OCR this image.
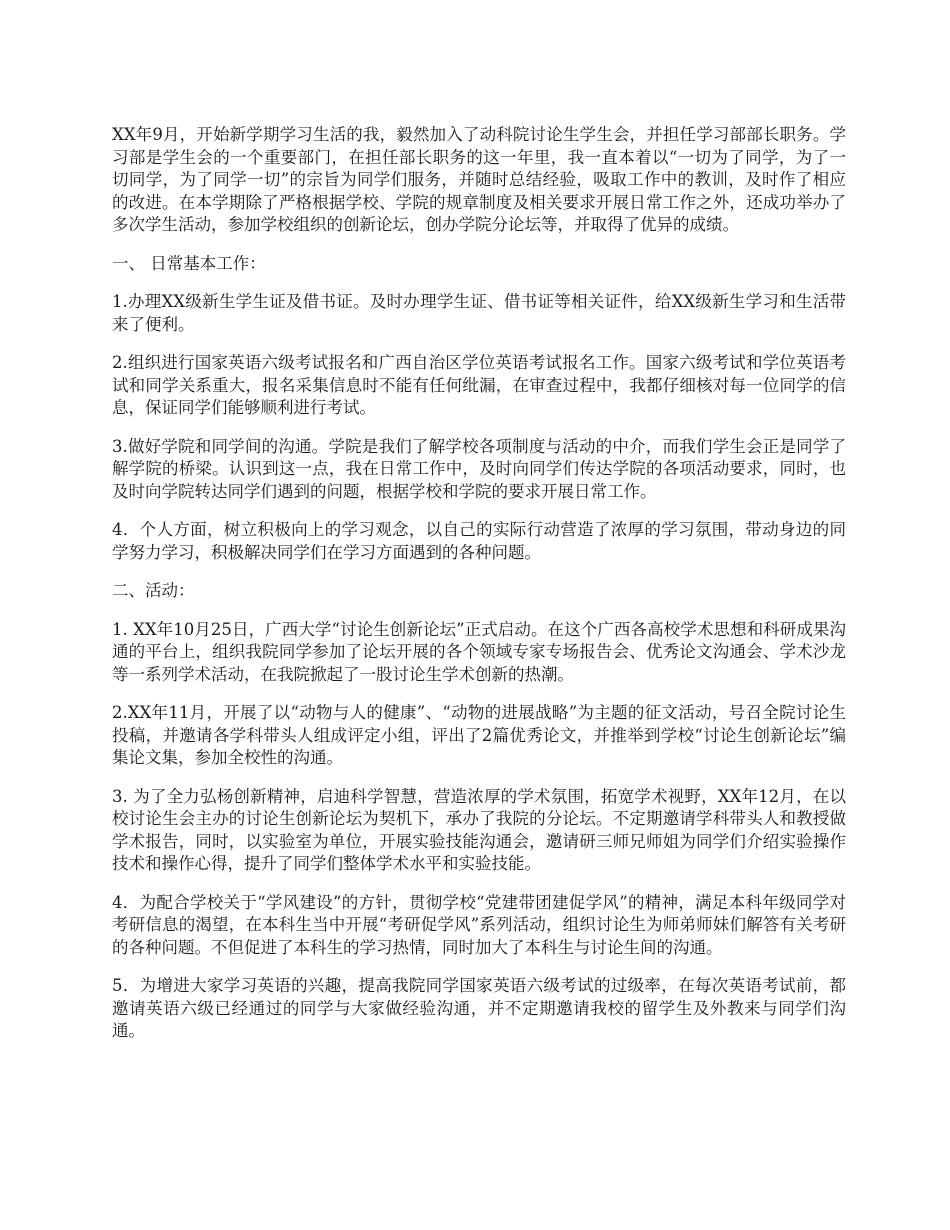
XX年9月，开始新学期学习生活的我，毅然加入了动科院讨论生学生会，并担任学习部部长职务。学习部是学生会的一个重要部门，在担任部长职务的这一年里，我一直本着以“一切为了同学，为了一切同学，为了同学一切”的宗旨为同学们服务，并随时总结经验，吸取工作中的教训，及时作了相应的改进。在本学期除了严格根据学校、学院的规章制度及相关要求开展日常工作之外，还成功举办了多次学生活动，参加学校组织的创新论坛，创办学院分论坛等，并取得了优异的成绩。

一、 日常基本工作：

1.办理XX级新生学生证及借书证。及时办理学生证、借书证等相关证件，给XX级新生学习和生活带来了便利。

2.组织进行国家英语六级考试报名和广西自治区学位英语考试报名工作。国家六级考试和学位英语考试和同学关系重大，报名采集信息时不能有任何纰漏，在审查过程中，我都仔细核对每一位同学的信息，保证同学们能够顺利进行考试。

3.做好学院和同学间的沟通。学院是我们了解学校各项制度与活动的中介，而我们学生会正是同学了解学院的桥梁。认识到这一点，我在日常工作中，及时向同学们传达学院的各项活动要求，同时，也及时向学院转达同学们遇到的问题，根据学校和学院的要求开展日常工作。

4．个人方面，树立积极向上的学习观念，以自己的实际行动营造了浓厚的学习氛围，带动身边的同学努力学习，积极解决同学们在学习方面遇到的各种问题。

二、活动：

1. XX年10月25日，广西大学“讨论生创新论坛”正式启动。在这个广西各高校学术思想和科研成果沟通的平台上，组织我院同学参加了论坛开展的各个领域专家专场报告会、优秀论文沟通会、学术沙龙等一系列学术活动，在我院掀起了一股讨论生学术创新的热潮。

2.XX年11月，开展了以“动物与人的健康”、“动物的进展战略”为主题的征文活动，号召全院讨论生投稿，并邀请各学科带头人组成评定小组，评出了2篇优秀论文，并推举到学校“讨论生创新论坛”编集论文集，参加全校性的沟通。

3. 为了全力弘杨创新精神，启迪科学智慧，营造浓厚的学术氛围，拓宽学术视野，XX年12月，在以校讨论生会主办的讨论生创新论坛为契机下，承办了我院的分论坛。不定期邀请学科带头人和教授做学术报告，同时，以实验室为单位，开展实验技能沟通会，邀请研三师兄师姐为同学们介绍实验操作技术和操作心得，提升了同学们整体学术水平和实验技能。

4．为配合学校关于“学风建设”的方针，贯彻学校“党建带团建促学风”的精神，满足本科年级同学对考研信息的渴望，在本科生当中开展“考研促学风”系列活动，组织讨论生为师弟师妹们解答有关考研的各种问题。不但促进了本科生的学习热情，同时加大了本科生与讨论生间的沟通。

5．为增进大家学习英语的兴趣，提高我院同学国家英语六级考试的过级率，在每次英语考试前，都邀请英语六级已经通过的同学与大家做经验沟通，并不定期邀请我校的留学生及外教来与同学们沟通。
